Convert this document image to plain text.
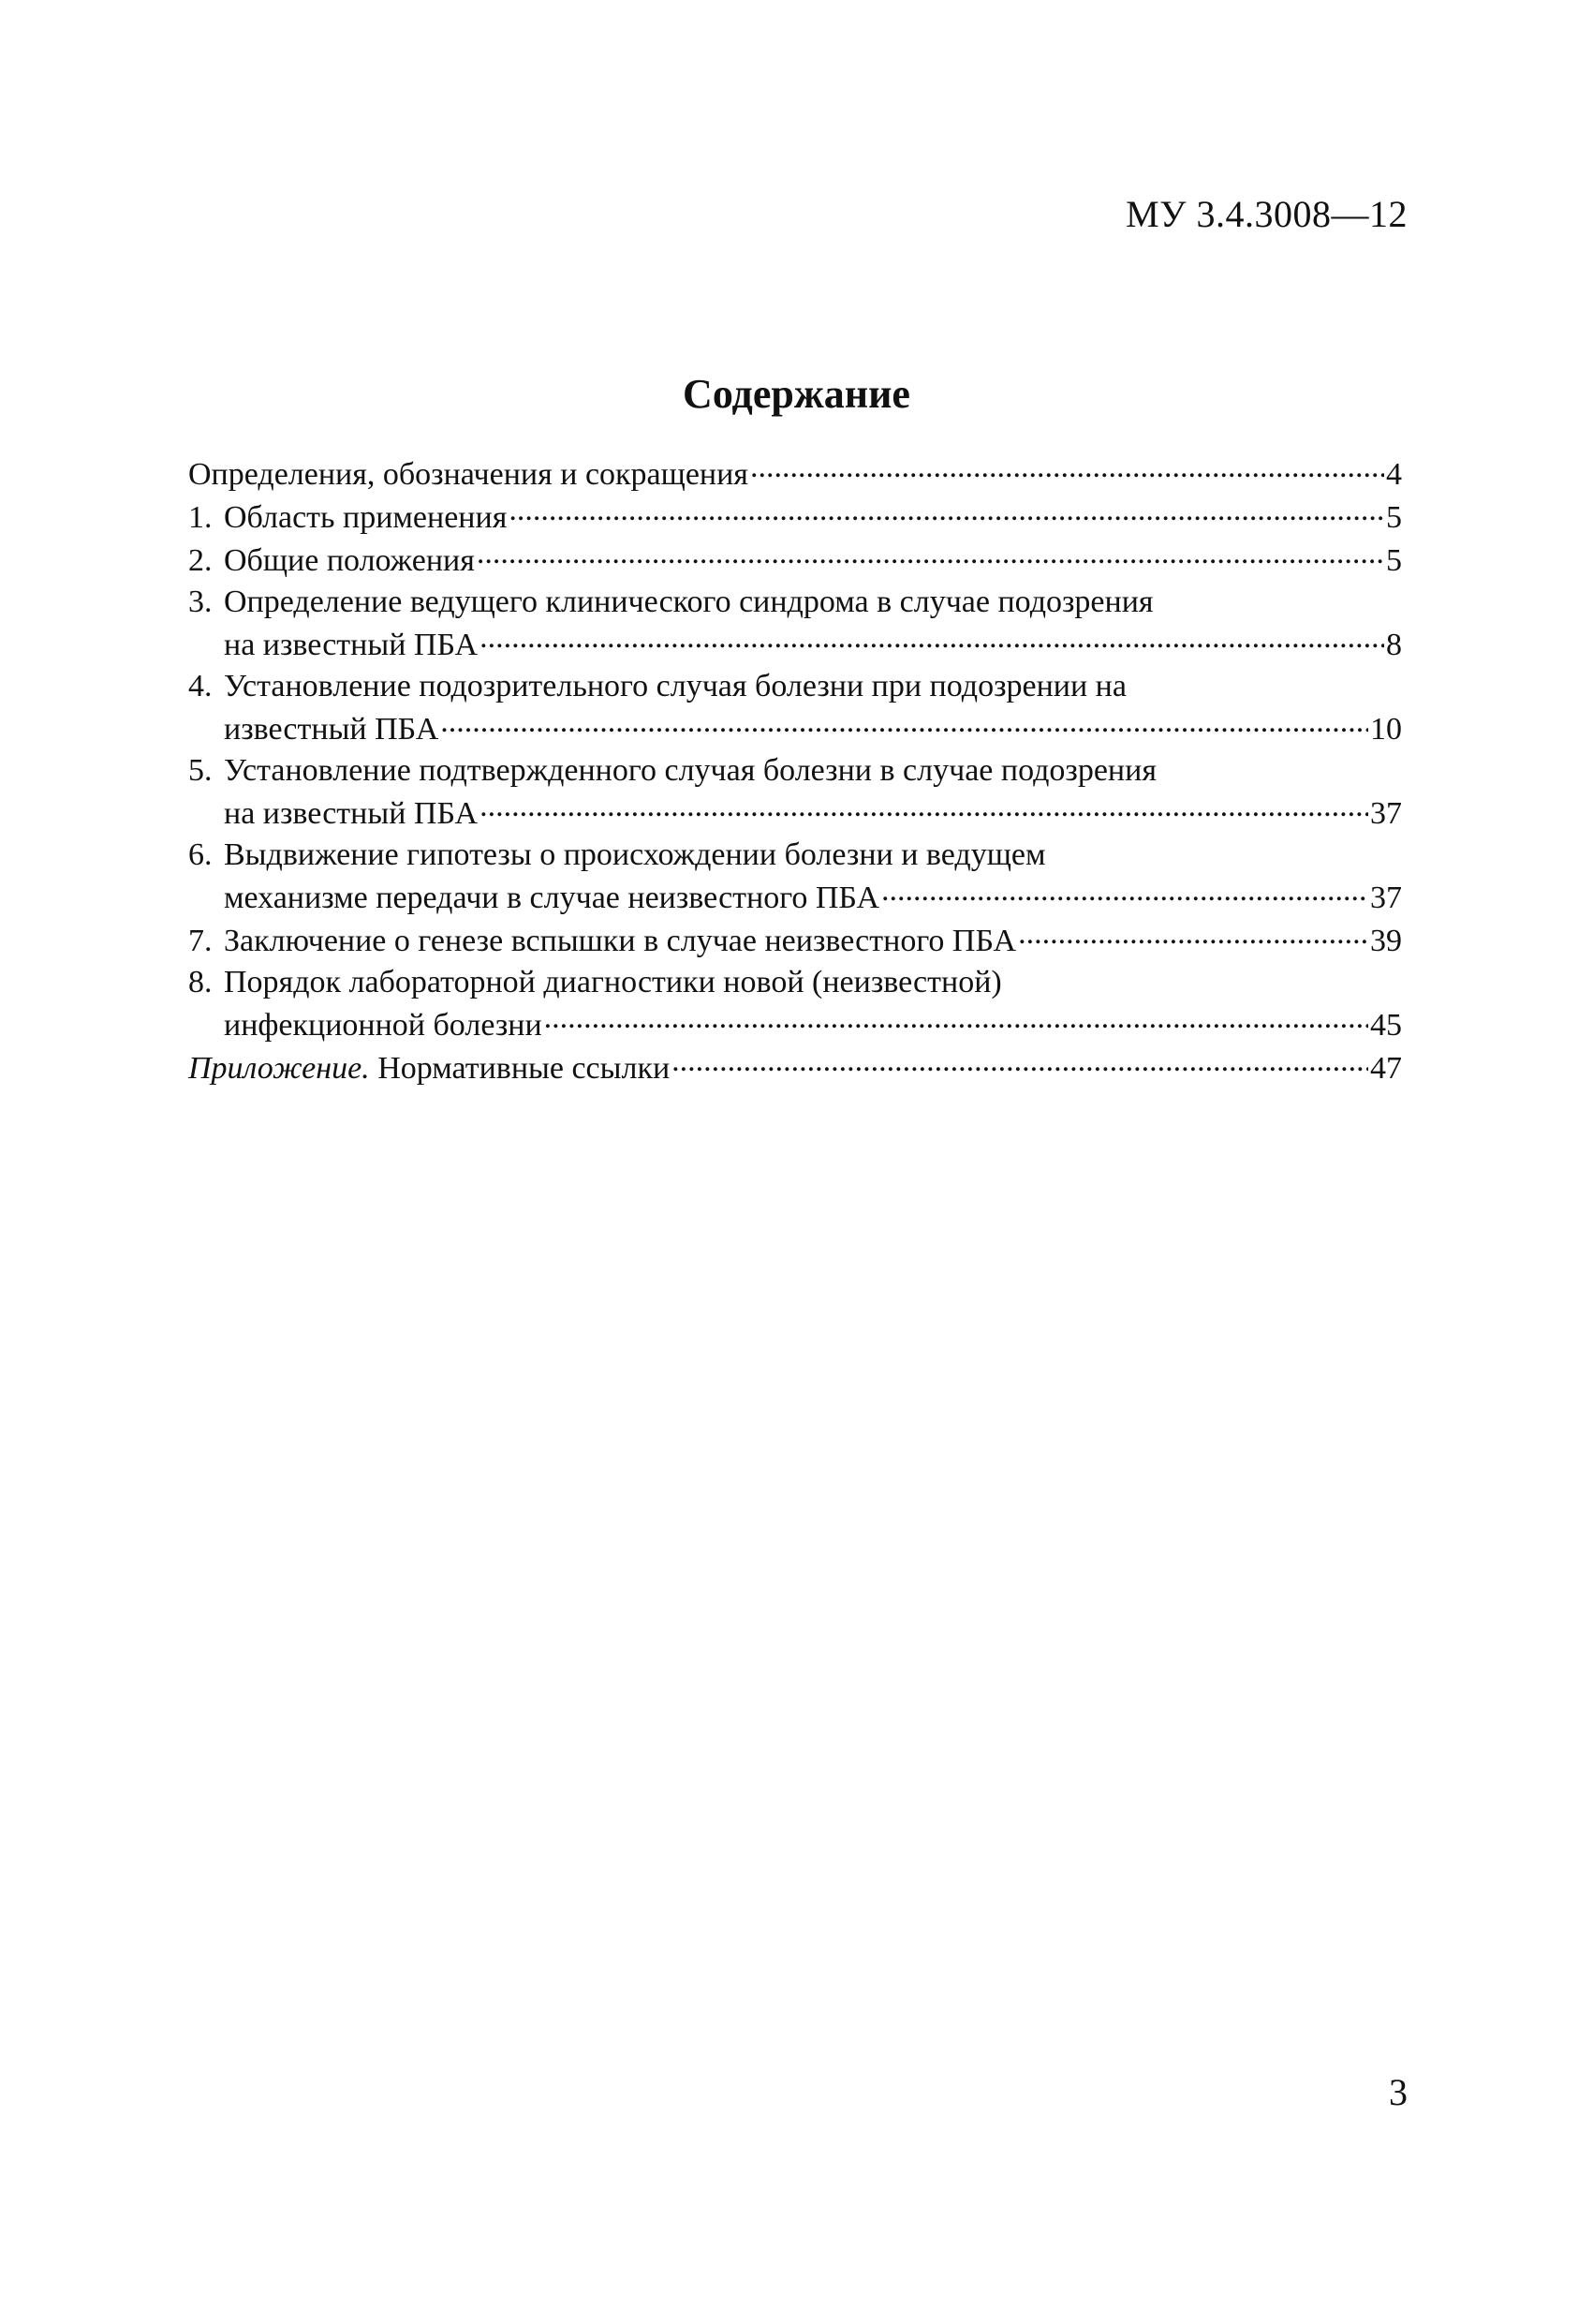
МУ 3.4.3008—12
Содержание
Определения, обозначения и сокращения .....	4
1. Область применения .....	5
2. Общие положения .....	5
3. Определение ведущего клинического синдрома в случае подозрения
на известный ПБА .....	8
4. Установление подозрительного случая болезни при подозрении на
известный ПБА .....	10
5. Установление подтвержденного случая болезни в случае подозрения
на известный ПБА .....	37
6. Выдвижение гипотезы о происхождении болезни и ведущем
механизме передачи в случае неизвестного ПБА .....	37
7. Заключение о генезе вспышки в случае неизвестного ПБА .....	39
8. Порядок лабораторной диагностики новой (неизвестной)
инфекционной болезни .....	45
Приложение. Нормативные ссылки .....	47
3
